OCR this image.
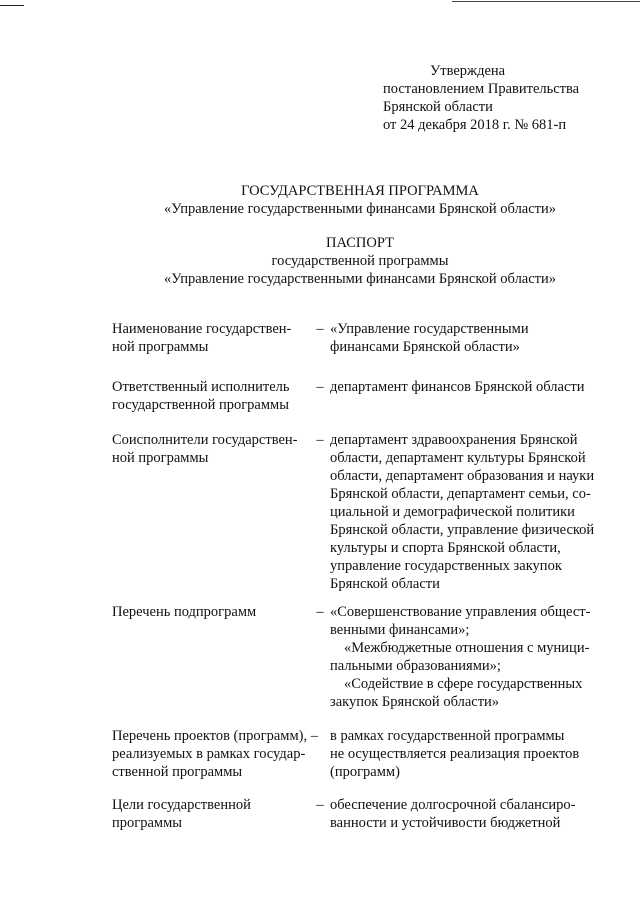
Утверждена
постановлением Правительства
Брянской области
от 24 декабря 2018 г. № 681-п
ГОСУДАРСТВЕННАЯ ПРОГРАММА
«Управление государственными финансами Брянской области»
ПАСПОРТ
государственной программы
«Управление государственными финансами Брянской области»
Наименование государствен-
ной программы
– «Управление государственными
финансами Брянской области»
Ответственный исполнитель
государственной программы
– департамент финансов Брянской области
Соисполнители государствен-
ной программы
– департамент здравоохранения Брянской
области, департамент культуры Брянской
области, департамент образования и науки
Брянской области, департамент семьи, со-
циальной и демографической политики
Брянской области, управление физической
культуры и спорта Брянской области,
управление государственных закупок
Брянской области
Перечень подпрограмм	– «Совершенствование управления общест-
венными финансами»;
«Межбюджетные отношения с муници-
пальными образованиями»;
«Содействие в сфере государственных
закупок Брянской области»
Перечень проектов (программ), –
реализуемых в рамках государ-
ственной программы
в рамках государственной программы
не осуществляется реализация проектов
(программ)
Цели государственной
программы
– обеспечение долгосрочной сбалансиро-
ванности и устойчивости бюджетной
